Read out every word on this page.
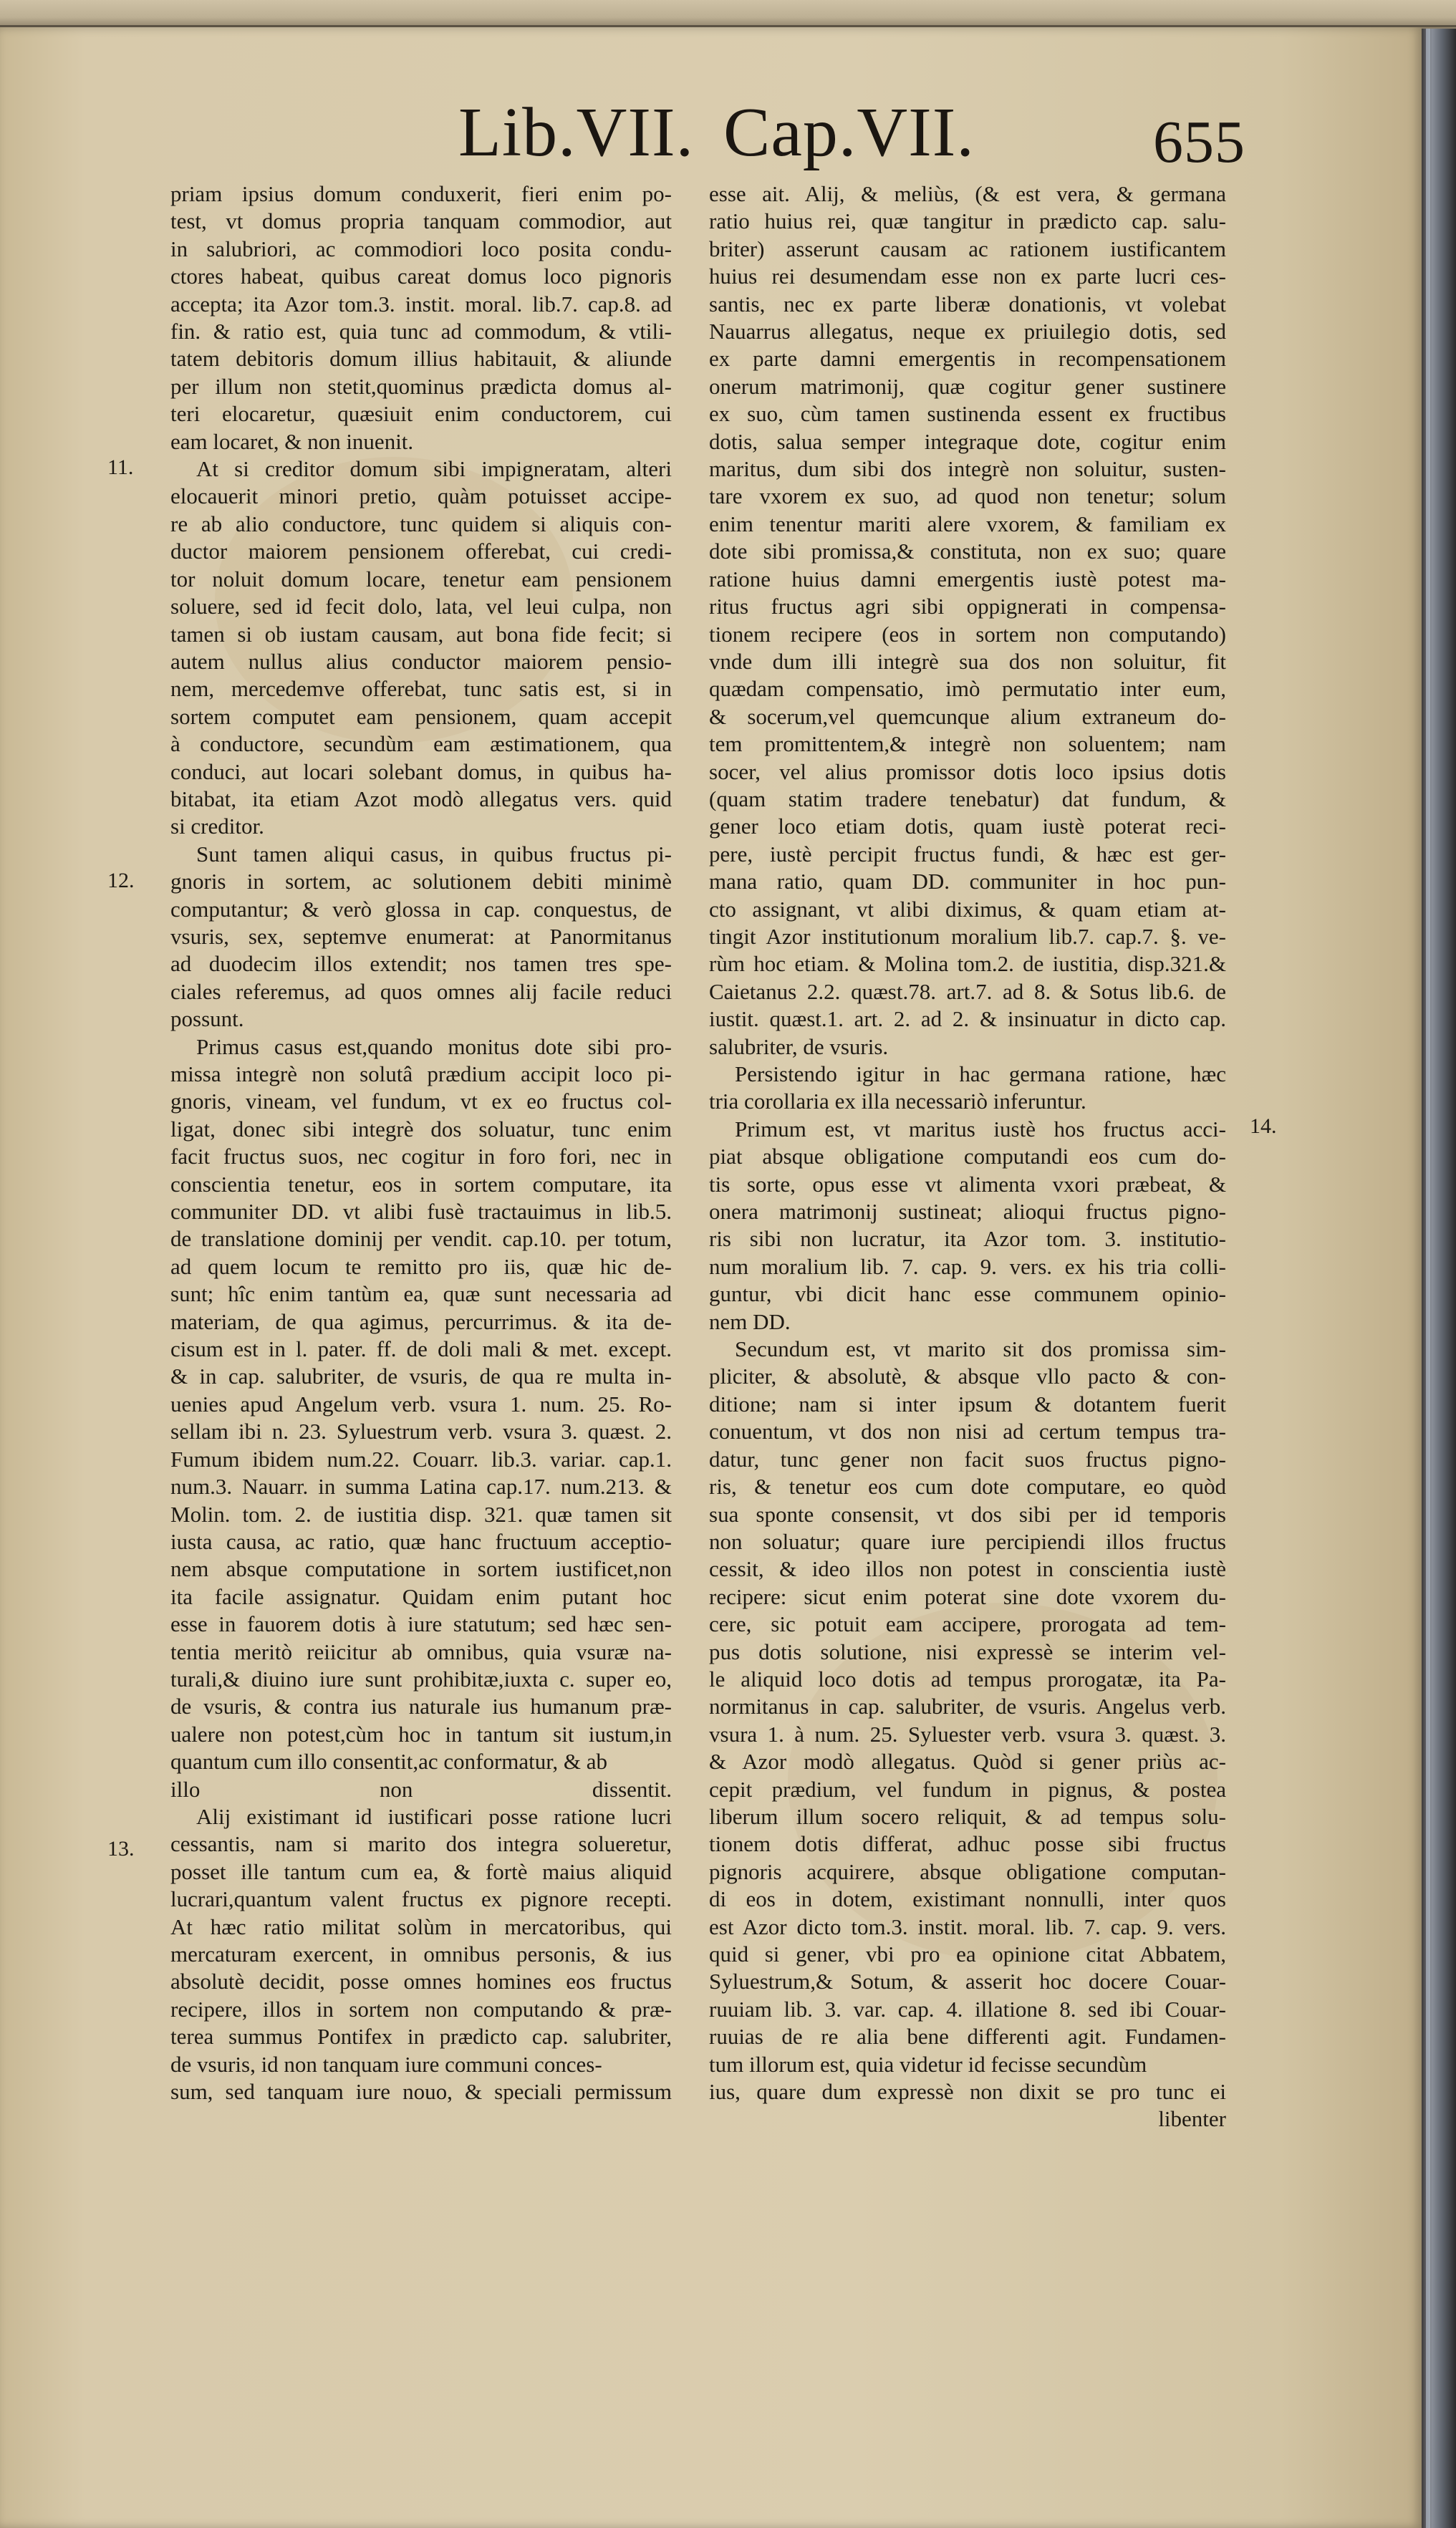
Lib.VII. Cap.VII.	655
priam ipsius domum conduxerit, fieri enim po-
test, vt domus propria tanquam commodior, aut
in salubriori, ac commodiori loco posita condu-
ctores habeat, quibus careat domus loco pignoris
accepta; ita Azor tom.3. instit. moral. lib.7. cap.8. ad
fin. & ratio est, quia tunc ad commodum, & vtili-
tatem debitoris domum illius habitauit, & aliunde
per illum non stetit,quominus prædicta domus al-
teri elocaretur, quæsiuit enim conductorem, cui
eam locaret, & non inuenit.
At si creditor domum sibi impigneratam, alteri
elocauerit minori pretio, quàm potuisset accipe-
re ab alio conductore, tunc quidem si aliquis con-
ductor maiorem pensionem offerebat, cui credi-
tor noluit domum locare, tenetur eam pensionem
soluere, sed id fecit dolo, lata, vel leui culpa, non
tamen si ob iustam causam, aut bona fide fecit; si
autem nullus alius conductor maiorem pensio-
nem, mercedemve offerebat, tunc satis est, si in
sortem computet eam pensionem, quam accepit
à conductore, secundùm eam æstimationem, qua
conduci, aut locari solebant domus, in quibus ha-
bitabat, ita etiam Azot modò allegatus vers. quid
si creditor.
Sunt tamen aliqui casus, in quibus fructus pi-
gnoris in sortem, ac solutionem debiti minimè
computantur; & verò glossa in cap. conquestus, de
vsuris, sex, septemve enumerat: at Panormitanus
ad duodecim illos extendit; nos tamen tres spe-
ciales referemus, ad quos omnes alij facile reduci
possunt.
Primus casus est,quando monitus dote sibi pro-
missa integrè non solutâ prædium accipit loco pi-
gnoris, vineam, vel fundum, vt ex eo fructus col-
ligat, donec sibi integrè dos soluatur, tunc enim
facit fructus suos, nec cogitur in foro fori, nec in
conscientia tenetur, eos in sortem computare, ita
communiter DD. vt alibi fusè tractauimus in lib.5.
de translatione dominij per vendit. cap.10. per totum,
ad quem locum te remitto pro iis, quæ hic de-
sunt; hîc enim tantùm ea, quæ sunt necessaria ad
materiam, de qua agimus, percurrimus. & ita de-
cisum est in l. pater. ff. de doli mali & met. except.
& in cap. salubriter, de vsuris, de qua re multa in-
uenies apud Angelum verb. vsura 1. num. 25. Ro-
sellam ibi n. 23. Syluestrum verb. vsura 3. quæst. 2.
Fumum ibidem num.22. Couarr. lib.3. variar. cap.1.
num.3. Nauarr. in summa Latina cap.17. num.213. &
Molin. tom. 2. de iustitia disp. 321. quæ tamen sit
iusta causa, ac ratio, quæ hanc fructuum acceptio-
nem absque computatione in sortem iustificet,non
ita facile assignatur. Quidam enim putant hoc
esse in fauorem dotis à iure statutum; sed hæc sen-
tentia meritò reiicitur ab omnibus, quia vsuræ na-
turali,& diuino iure sunt prohibitæ,iuxta c. super eo,
de vsuris, & contra ius naturale ius humanum præ-
ualere non potest,cùm hoc in tantum sit iustum,in
quantum cum illo consentit,ac conformatur, & ab
illo non dissentit.
Alij existimant id iustificari posse ratione lucri
cessantis, nam si marito dos integra solueretur,
posset ille tantum cum ea, & fortè maius aliquid
lucrari,quantum valent fructus ex pignore recepti.
At hæc ratio militat solùm in mercatoribus, qui
mercaturam exercent, in omnibus personis, & ius
absolutè decidit, posse omnes homines eos fructus
recipere, illos in sortem non computando & præ-
terea summus Pontifex in prædicto cap. salubriter,
de vsuris, id non tanquam iure communi conces-
sum, sed tanquam iure nouo, & speciali permissum
esse ait. Alij, & meliùs, (& est vera, & germana
ratio huius rei, quæ tangitur in prædicto cap. salu-
briter) asserunt causam ac rationem iustificantem
huius rei desumendam esse non ex parte lucri ces-
santis, nec ex parte liberæ donationis, vt volebat
Nauarrus allegatus, neque ex priuilegio dotis, sed
ex parte damni emergentis in recompensationem
onerum matrimonij, quæ cogitur gener sustinere
ex suo, cùm tamen sustinenda essent ex fructibus
dotis, salua semper integraque dote, cogitur enim
maritus, dum sibi dos integrè non soluitur, susten-
tare vxorem ex suo, ad quod non tenetur; solum
enim tenentur mariti alere vxorem, & familiam ex
dote sibi promissa,& constituta, non ex suo; quare
ratione huius damni emergentis iustè potest ma-
ritus fructus agri sibi oppignerati in compensa-
tionem recipere (eos in sortem non computando)
vnde dum illi integrè sua dos non soluitur, fit
quædam compensatio, imò permutatio inter eum,
& socerum,vel quemcunque alium extraneum do-
tem promittentem,& integrè non soluentem; nam
socer, vel alius promissor dotis loco ipsius dotis
(quam statim tradere tenebatur) dat fundum, &
gener loco etiam dotis, quam iustè poterat reci-
pere, iustè percipit fructus fundi, & hæc est ger-
mana ratio, quam DD. communiter in hoc pun-
cto assignant, vt alibi diximus, & quam etiam at-
tingit Azor institutionum moralium lib.7. cap.7. §. ve-
rùm hoc etiam. & Molina tom.2. de iustitia, disp.321.&
Caietanus 2.2. quæst.78. art.7. ad 8. & Sotus lib.6. de
iustit. quæst.1. art. 2. ad 2. & insinuatur in dicto cap.
salubriter, de vsuris.
Persistendo igitur in hac germana ratione, hæc
tria corollaria ex illa necessariò inferuntur.
Primum est, vt maritus iustè hos fructus acci-
piat absque obligatione computandi eos cum do-
tis sorte, opus esse vt alimenta vxori præbeat, &
onera matrimonij sustineat; alioqui fructus pigno-
ris sibi non lucratur, ita Azor tom. 3. institutio-
num moralium lib. 7. cap. 9. vers. ex his tria colli-
guntur, vbi dicit hanc esse communem opinio-
nem DD.
Secundum est, vt marito sit dos promissa sim-
pliciter, & absolutè, & absque vllo pacto & con-
ditione; nam si inter ipsum & dotantem fuerit
conuentum, vt dos non nisi ad certum tempus tra-
datur, tunc gener non facit suos fructus pigno-
ris, & tenetur eos cum dote computare, eo quòd
sua sponte consensit, vt dos sibi per id temporis
non soluatur; quare iure percipiendi illos fructus
cessit, & ideo illos non potest in conscientia iustè
recipere: sicut enim poterat sine dote vxorem du-
cere, sic potuit eam accipere, prorogata ad tem-
pus dotis solutione, nisi expressè se interim vel-
le aliquid loco dotis ad tempus prorogatæ, ita Pa-
normitanus in cap. salubriter, de vsuris. Angelus verb.
vsura 1. à num. 25. Syluester verb. vsura 3. quæst. 3.
& Azor modò allegatus. Quòd si gener priùs ac-
cepit prædium, vel fundum in pignus, & postea
liberum illum socero reliquit, & ad tempus solu-
tionem dotis differat, adhuc posse sibi fructus
pignoris acquirere, absque obligatione computan-
di eos in dotem, existimant nonnulli, inter quos
est Azor dicto tom.3. instit. moral. lib. 7. cap. 9. vers.
quid si gener, vbi pro ea opinione citat Abbatem,
Syluestrum,& Sotum, & asserit hoc docere Couar-
ruuiam lib. 3. var. cap. 4. illatione 8. sed ibi Couar-
ruuias de re alia bene differenti agit. Fundamen-
tum illorum est, quia videtur id fecisse secundùm
ius, quare dum expressè non dixit se pro tunc ei
libenter
11.
12.
13.
14.
